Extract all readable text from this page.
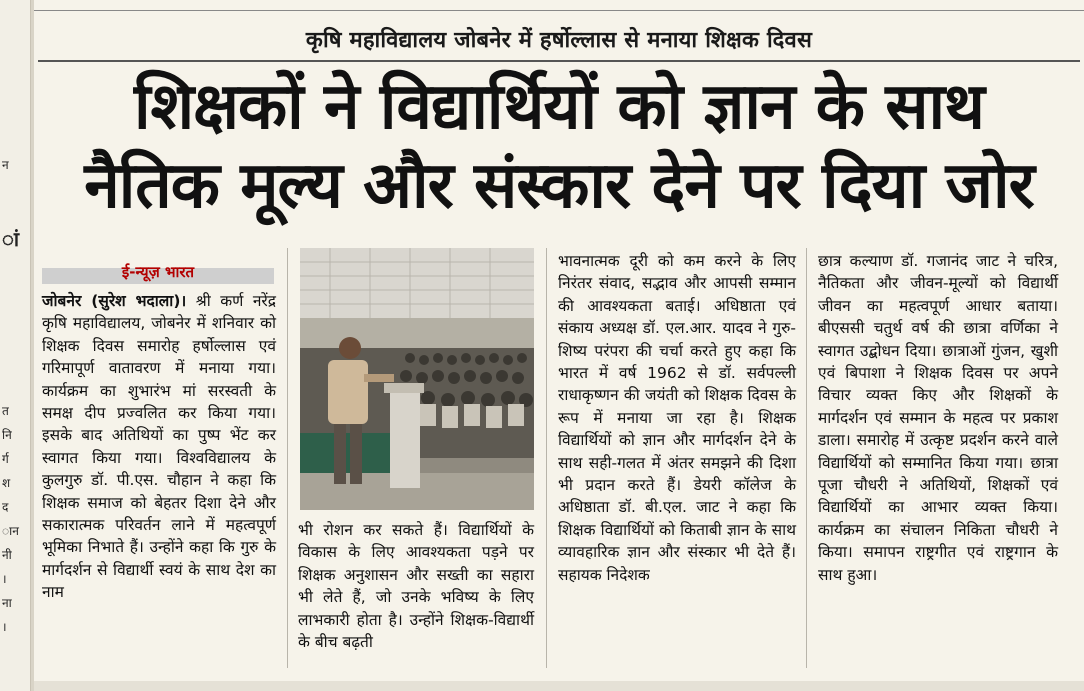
न
ां
त
नि
र्ग
श
द
ान
नी
।
ना
।
कृषि महाविद्यालय जोबनेर में हर्षोल्लास से मनाया शिक्षक दिवस
शिक्षकों ने विद्यार्थियों को ज्ञान के साथ
नैतिक मूल्य और संस्कार देने पर दिया जोर
ई-न्यूज़ भारत

जोबनेर (सुरेश भदाला)। श्री कर्ण नरेंद्र कृषि महाविद्यालय, जोबनेर में शनिवार को शिक्षक दिवस समारोह हर्षोल्लास एवं गरिमापूर्ण वातावरण में मनाया गया। कार्यक्रम का शुभारंभ मां सरस्वती के समक्ष दीप प्रज्वलित कर किया गया। इसके बाद अतिथियों का पुष्प भेंट कर स्वागत किया गया। विश्वविद्यालय के कुलगुरु डॉ. पी.एस. चौहान ने कहा कि शिक्षक समाज को बेहतर दिशा देने और सकारात्मक परिवर्तन लाने में महत्वपूर्ण भूमिका निभाते हैं। उन्होंने कहा कि गुरु के मार्गदर्शन से विद्यार्थी स्वयं के साथ देश का नाम

भी रोशन कर सकते हैं। विद्यार्थियों के विकास के लिए आवश्यकता पड़ने पर शिक्षक अनुशासन और सख्ती का सहारा भी लेते हैं, जो उनके भविष्य के लिए लाभकारी होता है। उन्होंने शिक्षक-विद्यार्थी के बीच बढ़ती

भावनात्मक दूरी को कम करने के लिए निरंतर संवाद, सद्भाव और आपसी सम्मान की आवश्यकता बताई। अधिष्ठाता एवं संकाय अध्यक्ष डॉ. एल.आर. यादव ने गुरु-शिष्य परंपरा की चर्चा करते हुए कहा कि भारत में वर्ष 1962 से डॉ. सर्वपल्ली राधाकृष्णन की जयंती को शिक्षक दिवस के रूप में मनाया जा रहा है। शिक्षक विद्यार्थियों को ज्ञान और मार्गदर्शन देने के साथ सही-गलत में अंतर समझने की दिशा भी प्रदान करते हैं। डेयरी कॉलेज के अधिष्ठाता डॉ. बी.एल. जाट ने कहा कि शिक्षक विद्यार्थियों को किताबी ज्ञान के साथ व्यावहारिक ज्ञान और संस्कार भी देते हैं। सहायक निदेशक

छात्र कल्याण डॉ. गजानंद जाट ने चरित्र, नैतिकता और जीवन-मूल्यों को विद्यार्थी जीवन का महत्वपूर्ण आधार बताया। बीएससी चतुर्थ वर्ष की छात्रा वर्णिका ने स्वागत उद्बोधन दिया। छात्राओं गुंजन, खुशी एवं बिपाशा ने शिक्षक दिवस पर अपने विचार व्यक्त किए और शिक्षकों के मार्गदर्शन एवं सम्मान के महत्व पर प्रकाश डाला। समारोह में उत्कृष्ट प्रदर्शन करने वाले विद्यार्थियों को सम्मानित किया गया। छात्रा पूजा चौधरी ने अतिथियों, शिक्षकों एवं विद्यार्थियों का आभार व्यक्त किया। कार्यक्रम का संचालन निकिता चौधरी ने किया। समापन राष्ट्रगीत एवं राष्ट्रगान के साथ हुआ।
